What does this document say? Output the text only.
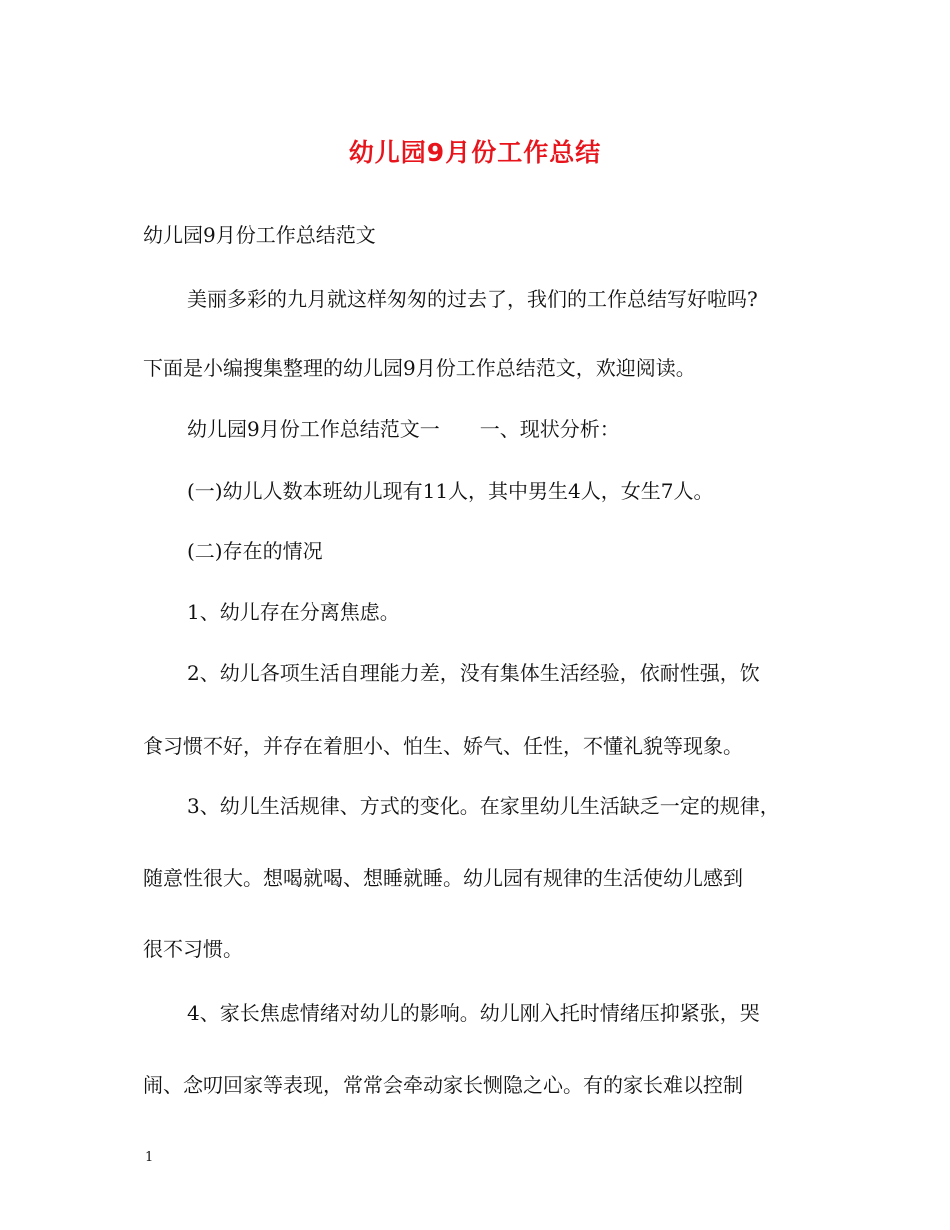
幼儿园9月份工作总结

幼儿园9月份工作总结范文

美丽多彩的九月就这样匆匆的过去了，我们的工作总结写好啦吗?

下面是小编搜集整理的幼儿园9月份工作总结范文，欢迎阅读。

幼儿园9月份工作总结范文一　　一、现状分析：

(一)幼儿人数本班幼儿现有11人，其中男生4人，女生7人。

(二)存在的情况

1、幼儿存在分离焦虑。

2、幼儿各项生活自理能力差，没有集体生活经验，依耐性强，饮

食习惯不好，并存在着胆小、怕生、娇气、任性，不懂礼貌等现象。

3、幼儿生活规律、方式的变化。在家里幼儿生活缺乏一定的规律，

随意性很大。想喝就喝、想睡就睡。幼儿园有规律的生活使幼儿感到

很不习惯。

4、家长焦虑情绪对幼儿的影响。幼儿刚入托时情绪压抑紧张，哭

闹、念叨回家等表现，常常会牵动家长恻隐之心。有的家长难以控制

1
